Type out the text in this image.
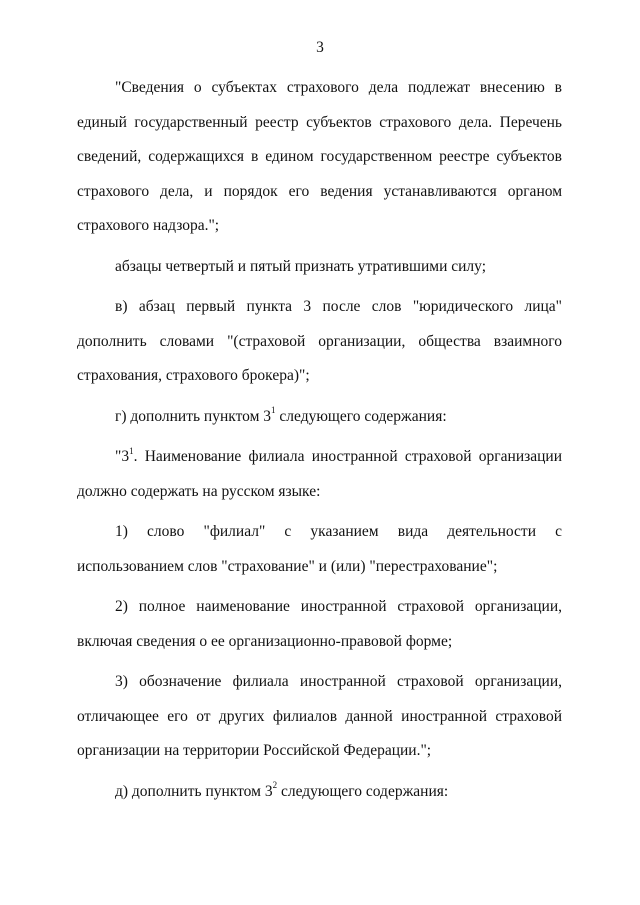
3

"Сведения о субъектах страхового дела подлежат внесению в единый государственный реестр субъектов страхового дела. Перечень сведений, содержащихся в едином государственном реестре субъектов страхового дела, и порядок его ведения устанавливаются органом страхового надзора.";

абзацы четвертый и пятый признать утратившими силу;

в) абзац первый пункта 3 после слов "юридического лица" дополнить словами "(страховой организации, общества взаимного страхования, страхового брокера)";

г) дополнить пунктом $3^1$ следующего содержания:

"$3^1$. Наименование филиала иностранной страховой организации должно содержать на русском языке:

1) слово "филиал" с указанием вида деятельности с использованием слов "страхование" и (или) "перестрахование";

2) полное наименование иностранной страховой организации, включая сведения о ее организационно-правовой форме;

3) обозначение филиала иностранной страховой организации, отличающее его от других филиалов данной иностранной страховой организации на территории Российской Федерации.";

д) дополнить пунктом $3^2$ следующего содержания:
